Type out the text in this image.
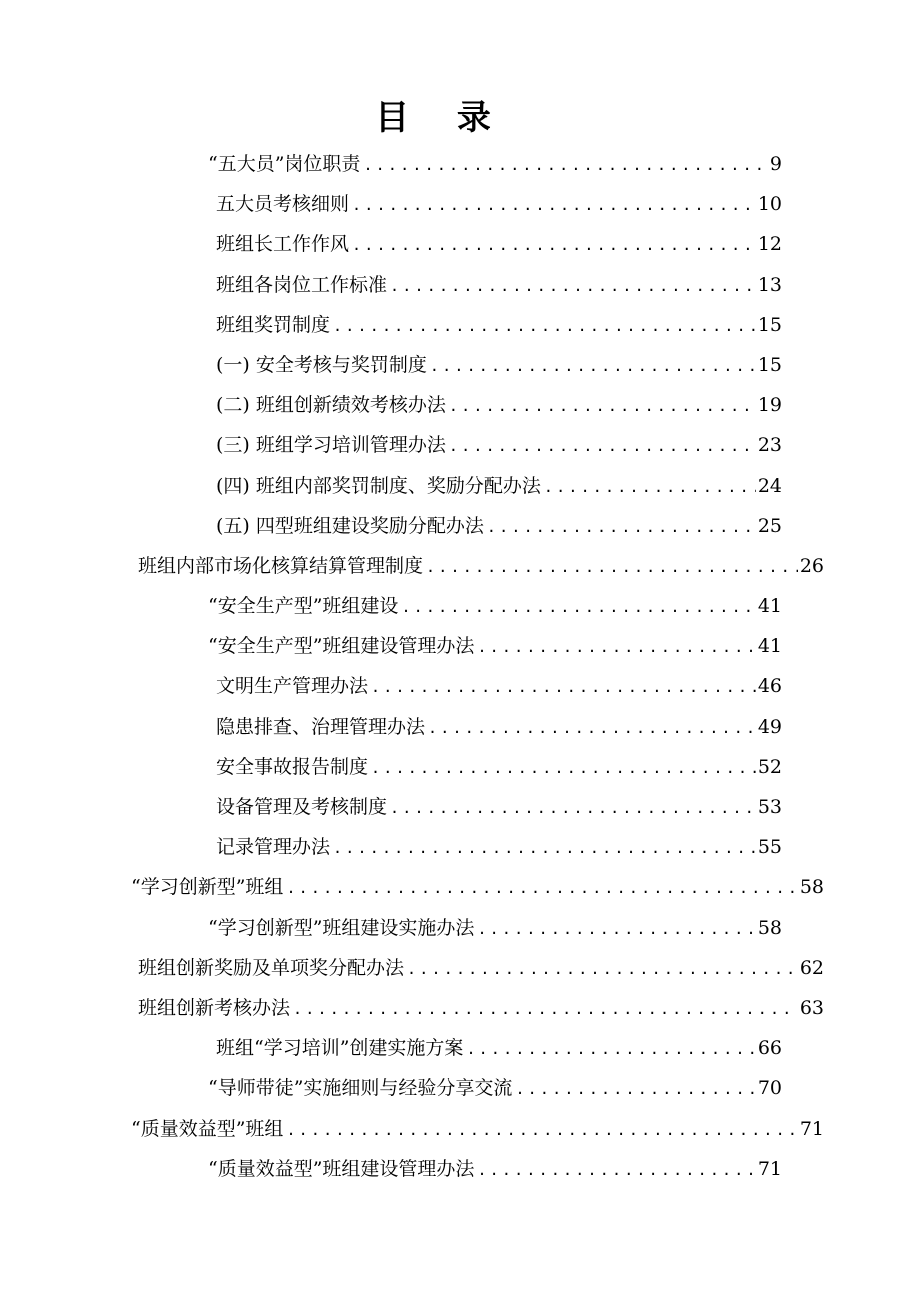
目 录
“五大员”岗位职责 .....	9
五大员考核细则 .....	10
班组长工作作风 .....	12
班组各岗位工作标准 .....	13
班组奖罚制度 .....	15
(一) 安全考核与奖罚制度 .....	15
(二) 班组创新绩效考核办法 .....	19
(三) 班组学习培训管理办法 .....	23
(四) 班组内部奖罚制度、奖励分配办法 .....	24
(五) 四型班组建设奖励分配办法 .....	25
班组内部市场化核算结算管理制度 .....	26
“安全生产型”班组建设 .....	41
“安全生产型”班组建设管理办法 .....	41
文明生产管理办法 .....	46
隐患排查、治理管理办法 .....	49
安全事故报告制度 .....	52
设备管理及考核制度 .....	53
记录管理办法 .....	55
“学习创新型”班组 .....	58
“学习创新型”班组建设实施办法 .....	58
班组创新奖励及单项奖分配办法 .....	62
班组创新考核办法 .....	63
班组“学习培训”创建实施方案 .....	66
“导师带徒”实施细则与经验分享交流 .....	70
“质量效益型”班组 .....	71
“质量效益型”班组建设管理办法 .....	71
